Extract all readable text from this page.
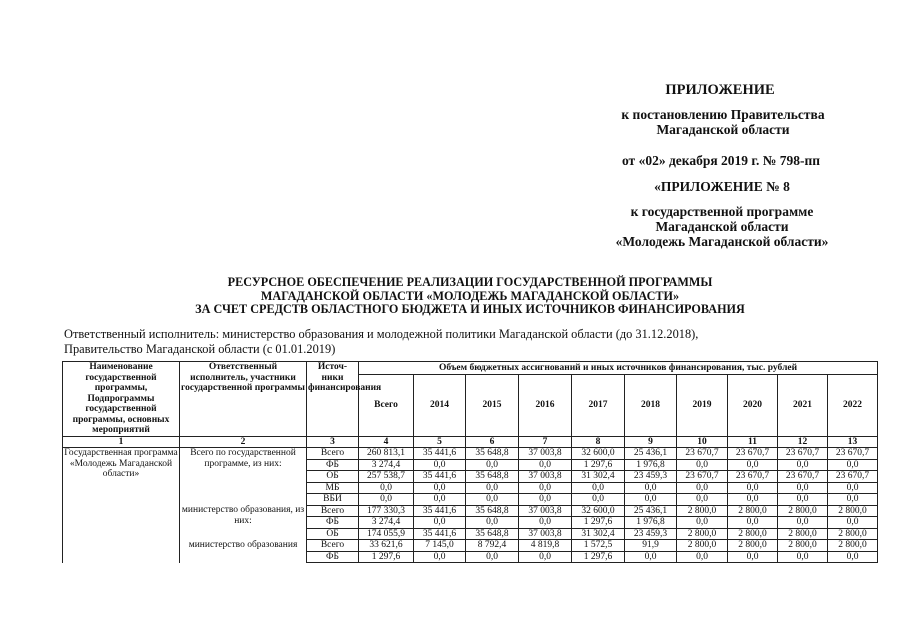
ПРИЛОЖЕНИЕ
к постановлению Правительства
Магаданской области
от «02» декабря 2019 г. № 798-пп
«ПРИЛОЖЕНИЕ № 8
к государственной программе
Магаданской области
«Молодежь Магаданской области»
РЕСУРСНОЕ ОБЕСПЕЧЕНИЕ РЕАЛИЗАЦИИ ГОСУДАРСТВЕННОЙ ПРОГРАММЫ
МАГАДАНСКОЙ ОБЛАСТИ «МОЛОДЕЖЬ МАГАДАНСКОЙ ОБЛАСТИ»
ЗА СЧЕТ СРЕДСТВ ОБЛАСТНОГО БЮДЖЕТА И ИНЫХ ИСТОЧНИКОВ ФИНАНСИРОВАНИЯ
Ответственный исполнитель: министерство образования и молодежной политики Магаданской области (до 31.12.2018),
Правительство Магаданской области (с 01.01.2019)
Наименование государственной программы, Подпрограммы государственной программы, основных мероприятий	Ответственный исполнитель, участники государственной программы	Источ-ники финансирования	Объем бюджетных ассигнований и иных источников финансирования, тыс. рублей									
			Всего	2014	2015	2016	2017	2018	2019	2020	2021	2022
1	2	3	4	5	6	7	8	9	10	11	12	13
Государственная программа «Молодежь Магаданской области»	Всего по государственной программе, из них:	Всего	260 813,1	35 441,6	35 648,8	37 003,8	32 600,0	25 436,1	23 670,7	23 670,7	23 670,7	23 670,7
		ФБ	3 274,4	0,0	0,0	0,0	1 297,6	1 976,8	0,0	0,0	0,0	0,0
		ОБ	257 538,7	35 441,6	35 648,8	37 003,8	31 302,4	23 459,3	23 670,7	23 670,7	23 670,7	23 670,7
		МБ	0,0	0,0	0,0	0,0	0,0	0,0	0,0	0,0	0,0	0,0
		ВБИ	0,0	0,0	0,0	0,0	0,0	0,0	0,0	0,0	0,0	0,0
	министерство образования, из них:	Всего	177 330,3	35 441,6	35 648,8	37 003,8	32 600,0	25 436,1	2 800,0	2 800,0	2 800,0	2 800,0
		ФБ	3 274,4	0,0	0,0	0,0	1 297,6	1 976,8	0,0	0,0	0,0	0,0
		ОБ	174 055,9	35 441,6	35 648,8	37 003,8	31 302,4	23 459,3	2 800,0	2 800,0	2 800,0	2 800,0
	министерство образования	Всего	33 621,6	7 145,0	8 792,4	4 819,8	1 572,5	91,9	2 800,0	2 800,0	2 800,0	2 800,0
		ФБ	1 297,6	0,0	0,0	0,0	1 297,6	0,0	0,0	0,0	0,0	0,0
